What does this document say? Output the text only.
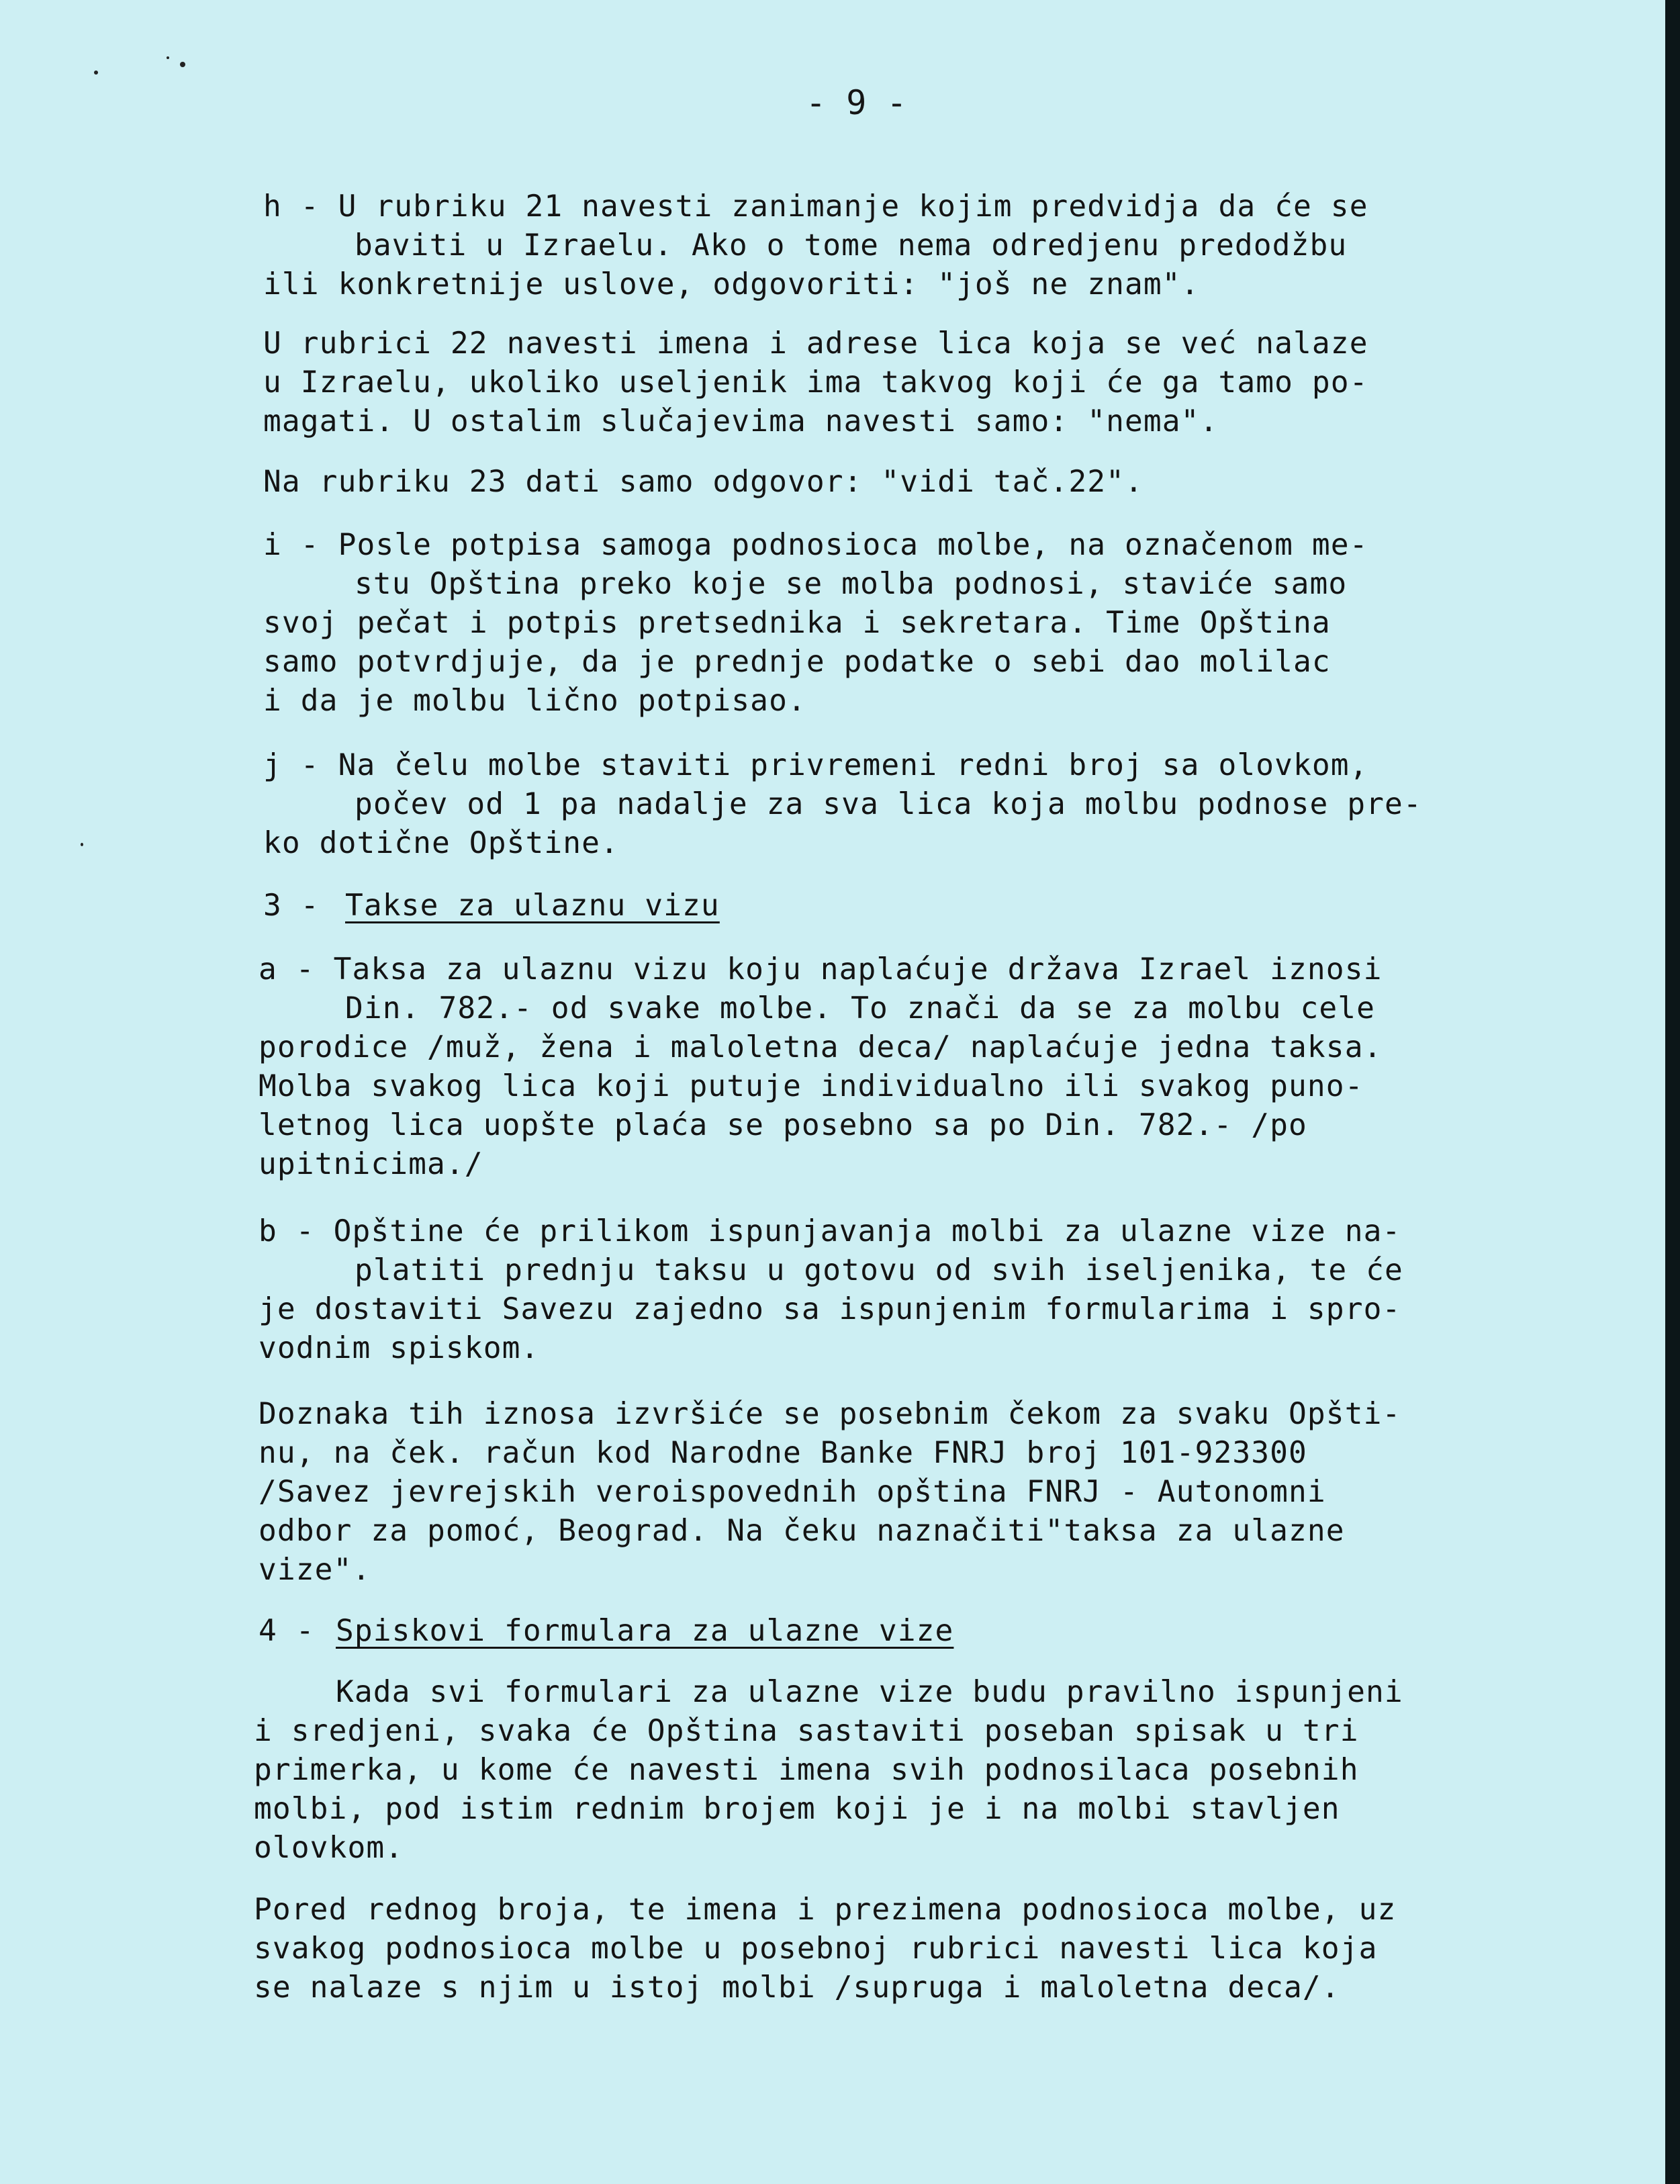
- 9 -
h - U rubriku 21 navesti zanimanje kojim predvidja da će se
baviti u Izraelu. Ako o tome nema odredjenu predodžbu
ili konkretnije uslove, odgovoriti: "još ne znam".
U rubrici 22 navesti imena i adrese lica koja se već nalaze
u Izraelu, ukoliko useljenik ima takvog koji će ga tamo po-
magati. U ostalim slučajevima navesti samo: "nema".
Na rubriku 23 dati samo odgovor: "vidi tač.22".
i - Posle potpisa samoga podnosioca molbe, na označenom me-
stu Opština preko koje se molba podnosi, staviće samo
svoj pečat i potpis pretsednika i sekretara. Time Opština
samo potvrdjuje, da je prednje podatke o sebi dao molilac
i da je molbu lično potpisao.
j - Na čelu molbe staviti privremeni redni broj sa olovkom,
počev od 1 pa nadalje za sva lica koja molbu podnose pre-
ko dotične Opštine.
3 - Takse za ulaznu vizu
a - Taksa za ulaznu vizu koju naplaćuje država Izrael iznosi
Din. 782.- od svake molbe. To znači da se za molbu cele
porodice /muž, žena i maloletna deca/ naplaćuje jedna taksa.
Molba svakog lica koji putuje individualno ili svakog puno-
letnog lica uopšte plaća se posebno sa po Din. 782.- /po
upitnicima./
b - Opštine će prilikom ispunjavanja molbi za ulazne vize na-
platiti prednju taksu u gotovu od svih iseljenika, te će
je dostaviti Savezu zajedno sa ispunjenim formularima i spro-
vodnim spiskom.
Doznaka tih iznosa izvršiće se posebnim čekom za svaku Opšti-
nu, na ček. račun kod Narodne Banke FNRJ broj 101-923300
/Savez jevrejskih veroispovednih opština FNRJ - Autonomni
odbor za pomoć, Beograd. Na čeku naznačiti"taksa za ulazne
vize".
4 - Spiskovi formulara za ulazne vize
Kada svi formulari za ulazne vize budu pravilno ispunjeni
i sredjeni, svaka će Opština sastaviti poseban spisak u tri
primerka, u kome će navesti imena svih podnosilaca posebnih
molbi, pod istim rednim brojem koji je i na molbi stavljen
olovkom.
Pored rednog broja, te imena i prezimena podnosioca molbe, uz
svakog podnosioca molbe u posebnoj rubrici navesti lica koja
se nalaze s njim u istoj molbi /supruga i maloletna deca/.
